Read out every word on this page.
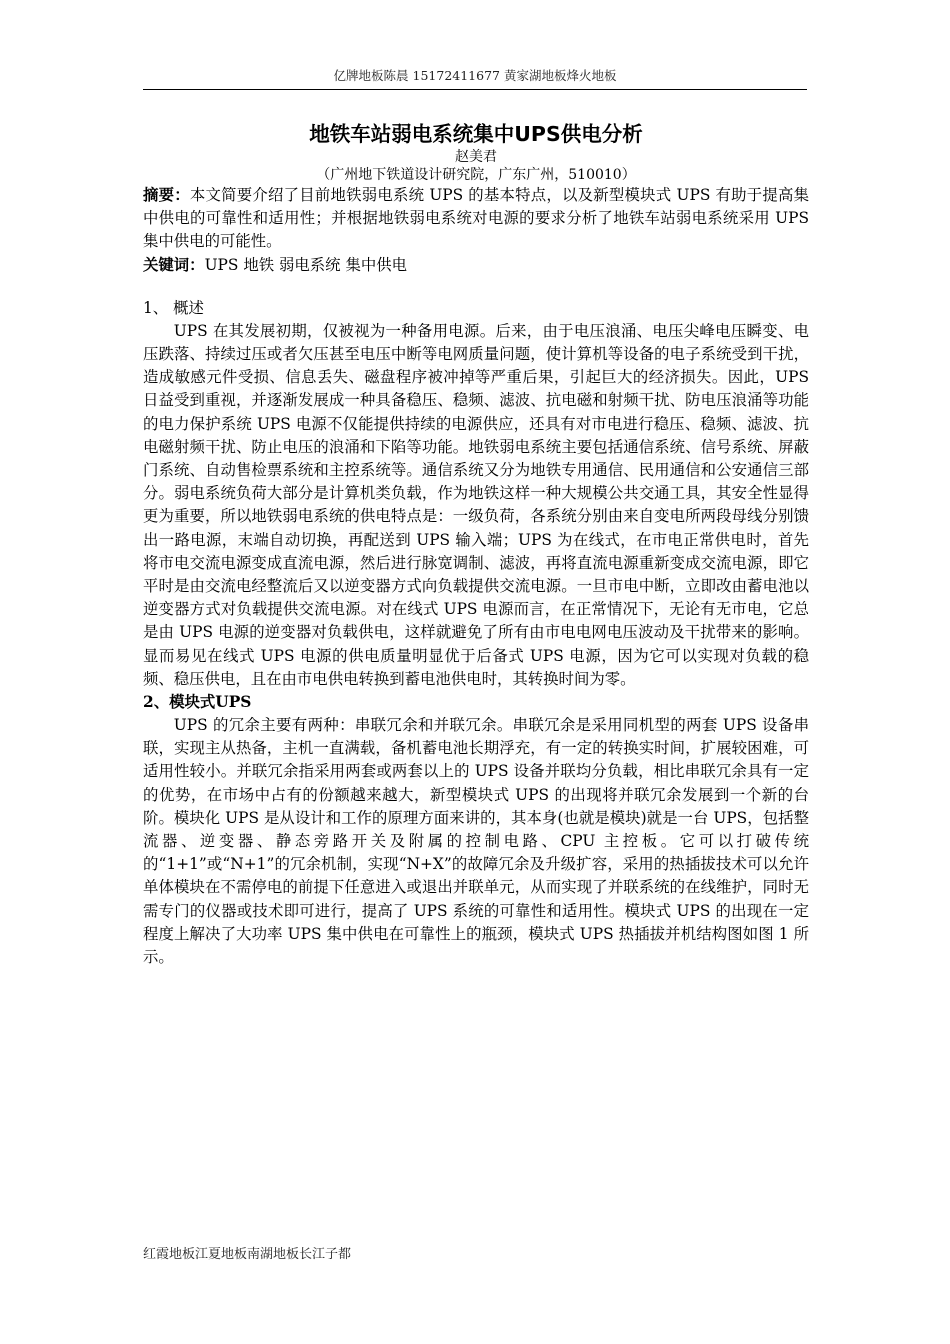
亿牌地板陈晨 15172411677 黄家湖地板烽火地板
地铁车站弱电系统集中UPS供电分析

赵美君

（广州地下铁道设计研究院，广东广州，510010）

摘要：本文简要介绍了目前地铁弱电系统 UPS 的基本特点，以及新型模块式 UPS 有助于提高集中供电的可靠性和适用性；并根据地铁弱电系统对电源的要求分析了地铁车站弱电系统采用 UPS 集中供电的可能性。

关键词：UPS 地铁 弱电系统 集中供电

1、 概述

UPS 在其发展初期，仅被视为一种备用电源。后来，由于电压浪涌、电压尖峰电压瞬变、电压跌落、持续过压或者欠压甚至电压中断等电网质量问题，使计算机等设备的电子系统受到干扰，造成敏感元件受损、信息丢失、磁盘程序被冲掉等严重后果，引起巨大的经济损失。因此，UPS 日益受到重视，并逐渐发展成一种具备稳压、稳频、滤波、抗电磁和射频干扰、防电压浪涌等功能的电力保护系统 UPS 电源不仅能提供持续的电源供应，还具有对市电进行稳压、稳频、滤波、抗电磁射频干扰、防止电压的浪涌和下陷等功能。地铁弱电系统主要包括通信系统、信号系统、屏蔽门系统、自动售检票系统和主控系统等。通信系统又分为地铁专用通信、民用通信和公安通信三部分。弱电系统负荷大部分是计算机类负载，作为地铁这样一种大规模公共交通工具，其安全性显得更为重要，所以地铁弱电系统的供电特点是：一级负荷，各系统分别由来自变电所两段母线分别馈出一路电源，末端自动切换，再配送到 UPS 输入端；UPS 为在线式，在市电正常供电时，首先将市电交流电源变成直流电源，然后进行脉宽调制、滤波，再将直流电源重新变成交流电源，即它平时是由交流电经整流后又以逆变器方式向负载提供交流电源。一旦市电中断，立即改由蓄电池以逆变器方式对负载提供交流电源。对在线式 UPS 电源而言，在正常情况下，无论有无市电，它总是由 UPS 电源的逆变器对负载供电，这样就避免了所有由市电电网电压波动及干扰带来的影响。显而易见在线式 UPS 电源的供电质量明显优于后备式 UPS 电源，因为它可以实现对负载的稳频、稳压供电，且在由市电供电转换到蓄电池供电时，其转换时间为零。

2、模块式UPS

UPS 的冗余主要有两种：串联冗余和并联冗余。串联冗余是采用同机型的两套 UPS 设备串联，实现主从热备，主机一直满载，备机蓄电池长期浮充，有一定的转换实时间，扩展较困难，可适用性较小。并联冗余指采用两套或两套以上的 UPS 设备并联均分负载，相比串联冗余具有一定的优势，在市场中占有的份额越来越大，新型模块式 UPS 的出现将并联冗余发展到一个新的台阶。模块化 UPS 是从设计和工作的原理方面来讲的，其本身(也就是模块)就是一台 UPS，包括整流器、逆变器、静态旁路开关及附属的控制电路、CPU 主控板。它可以打破传统的“1+1”或“N+1”的冗余机制，实现“N+X”的故障冗余及升级扩容，采用的热插拔技术可以允许单体模块在不需停电的前提下任意进入或退出并联单元，从而实现了并联系统的在线维护，同时无需专门的仪器或技术即可进行，提高了 UPS 系统的可靠性和适用性。模块式 UPS 的出现在一定程度上解决了大功率 UPS 集中供电在可靠性上的瓶颈，模块式 UPS 热插拔并机结构图如图 1 所示。

红霞地板江夏地板南湖地板长江子都
